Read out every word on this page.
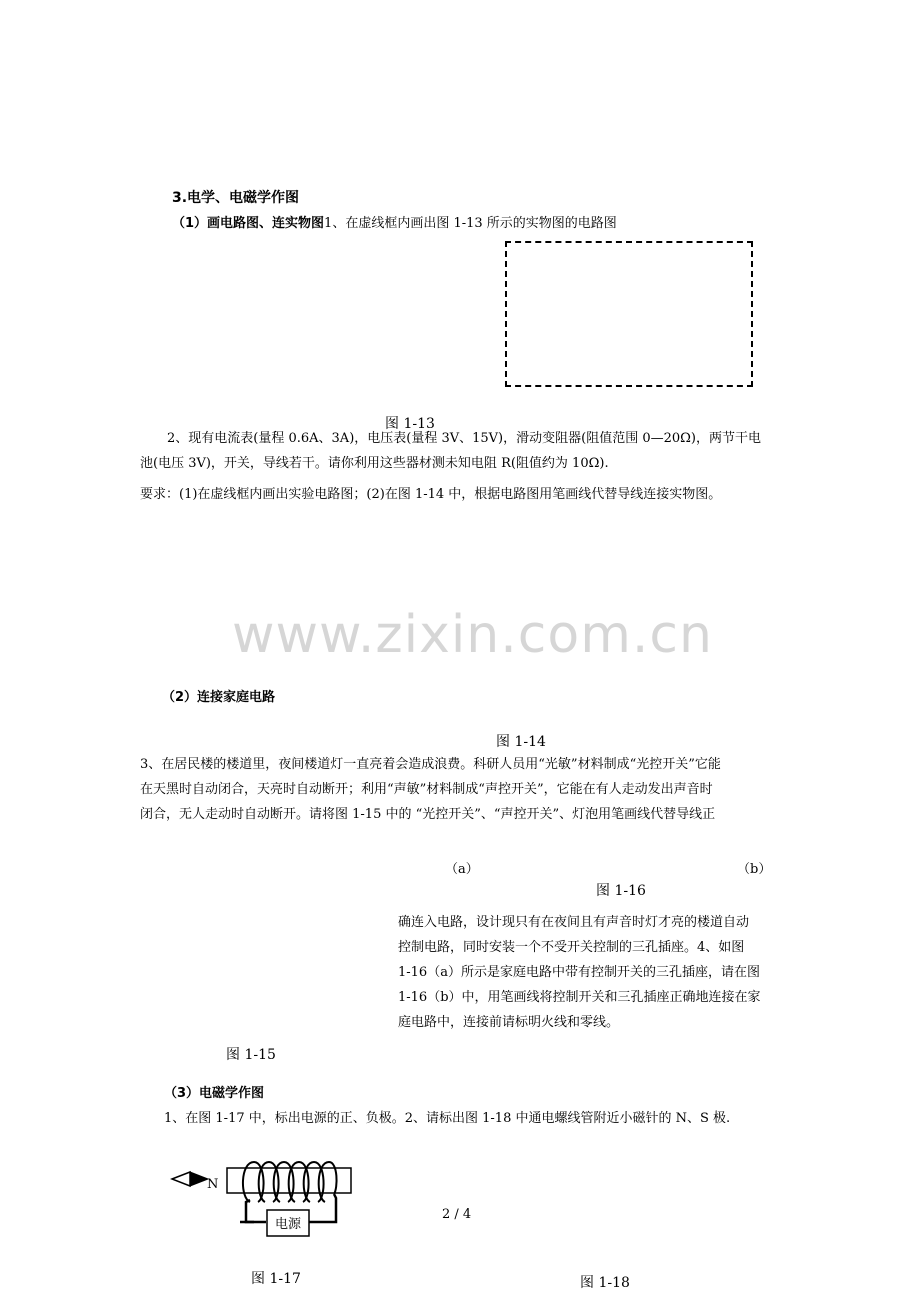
3.电学、电磁学作图
（1）画电路图、连实物图1、在虚线框内画出图 1-13 所示的实物图的电路图
图 1-13
2、现有电流表(量程 0.6A、3A)，电压表(量程 3V、15V)，滑动变阻器(阻值范围 0—20Ω)，两节干电
池(电压 3V)，开关，导线若干。请你利用这些器材测未知电阻 R(阻值约为 10Ω).
要求：(1)在虚线框内画出实验电路图；(2)在图 1-14 中，根据电路图用笔画线代替导线连接实物图。
www.zixin.com.cn
（2）连接家庭电路
图 1-14
3、在居民楼的楼道里，夜间楼道灯一直亮着会造成浪费。科研人员用“光敏”材料制成“光控开关”它能
在天黑时自动闭合，天亮时自动断开；利用“声敏”材料制成“声控开关”，它能在有人走动发出声音时
闭合，无人走动时自动断开。请将图 1-15 中的 “光控开关”、“声控开关”、灯泡用笔画线代替导线正
（a）	（b）
图 1-16
确连入电路，设计现只有在夜间且有声音时灯才亮的楼道自动
控制电路，同时安装一个不受开关控制的三孔插座。4、如图
1-16（a）所示是家庭电路中带有控制开关的三孔插座，请在图
1-16（b）中，用笔画线将控制开关和三孔插座正确地连接在家
庭电路中，连接前请标明火线和零线。
图 1-15
（3）电磁学作图
1、在图 1-17 中，标出电源的正、负极。2、请标出图 1-18 中通电螺线管附近小磁针的 N、S 极.
N
电源
2 / 4
图 1-17	图 1-18
